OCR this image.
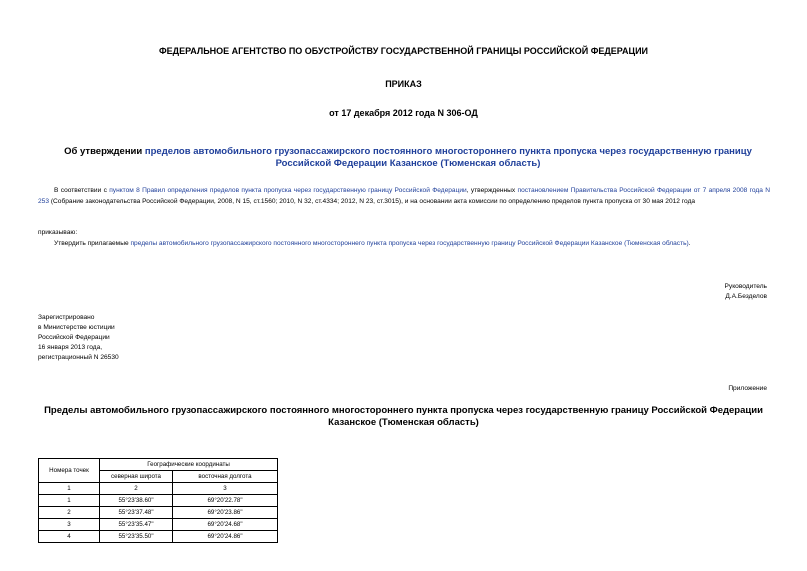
ФЕДЕРАЛЬНОЕ АГЕНТСТВО ПО ОБУСТРОЙСТВУ ГОСУДАРСТВЕННОЙ ГРАНИЦЫ РОССИЙСКОЙ ФЕДЕРАЦИИ
ПРИКАЗ
от 17 декабря 2012 года N 306-ОД
Об утверждении пределов автомобильного грузопассажирского постоянного многостороннего пункта пропуска через государственную границу Российской Федерации Казанское (Тюменская область)
В соответствии с пунктом 8 Правил определения пределов пункта пропуска через государственную границу Российской Федерации, утвержденных постановлением Правительства Российской Федерации от 7 апреля 2008 года N 253 (Собрание законодательства Российской Федерации, 2008, N 15, ст.1560; 2010, N 32, ст.4334; 2012, N 23, ст.3015), и на основании акта комиссии по определению пределов пункта пропуска от 30 мая 2012 года
приказываю:
Утвердить прилагаемые пределы автомобильного грузопассажирского постоянного многостороннего пункта пропуска через государственную границу Российской Федерации Казанское (Тюменская область).
Руководитель
Д.А.Безделов
Зарегистрировано
в Министерстве юстиции
Российской Федерации
16 января 2013 года,
регистрационный N 26530
Приложение
Пределы автомобильного грузопассажирского постоянного многостороннего пункта пропуска через государственную границу Российской Федерации Казанское (Тюменская область)
Номера точек	Географические координаты	
	северная широта	восточная долгота
1	2	3
1	55°23'38.60"	69°20'22.78"
2	55°23'37.48"	69°20'23.86"
3	55°23'35.47"	69°20'24.68"
4	55°23'35.50"	69°20'24.86"
